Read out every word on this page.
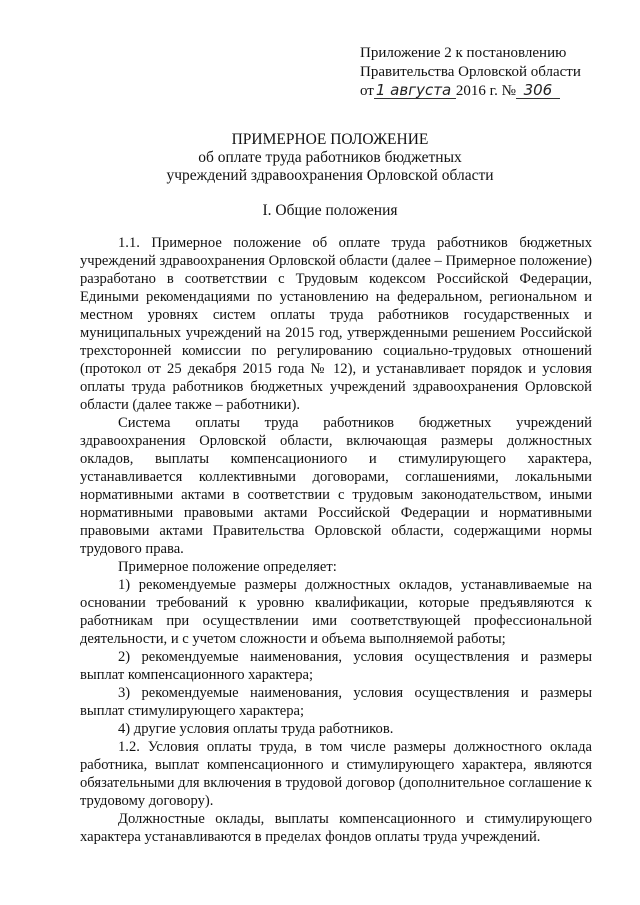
Приложение 2 к постановлению
Правительства Орловской области
от 1 августа 2016 г. № 306
ПРИМЕРНОЕ ПОЛОЖЕНИЕ
об оплате труда работников бюджетных
учреждений здравоохранения Орловской области
I. Общие положения

1.1. Примерное положение об оплате труда работников бюджетных учреждений здравоохранения Орловской области (далее – Примерное положение) разработано в соответствии с Трудовым кодексом Российской Федерации, Едиными рекомендациями по установлению на федеральном, региональном и местном уровнях систем оплаты труда работников государственных и муниципальных учреждений на 2015 год, утвержденными решением Российской трехсторонней комиссии по регулированию социально-трудовых отношений (протокол от 25 декабря 2015 года № 12), и устанавливает порядок и условия оплаты труда работников бюджетных учреждений здравоохранения Орловской области (далее также – работники).

Система оплаты труда работников бюджетных учреждений здравоохранения Орловской области, включающая размеры должностных окладов, выплаты компенсациониого и стимулирующего характера, устанавливается коллективными договорами, соглашениями, локальными нормативными актами в соответствии с трудовым законодательством, иными нормативными правовыми актами Российской Федерации и нормативными правовыми актами Правительства Орловской области, содержащими нормы трудового права.

Примерное положение определяет:

1) рекомендуемые размеры должностных окладов, устанавливаемые на основании требований к уровню квалификации, которые предъявляются к работникам при осуществлении ими соответствующей профессиональной деятельности, и с учетом сложности и объема выполняемой работы;

2) рекомендуемые наименования, условия осуществления и размеры выплат компенсационного характера;

3) рекомендуемые наименования, условия осуществления и размеры выплат стимулирующего характера;

4) другие условия оплаты труда работников.

1.2. Условия оплаты труда, в том числе размеры должностного оклада работника, выплат компенсационного и стимулирующего характера, являются обязательными для включения в трудовой договор (дополнительное соглашение к трудовому договору).

Должностные оклады, выплаты компенсационного и стимулирующего характера устанавливаются в пределах фондов оплаты труда учреждений.
